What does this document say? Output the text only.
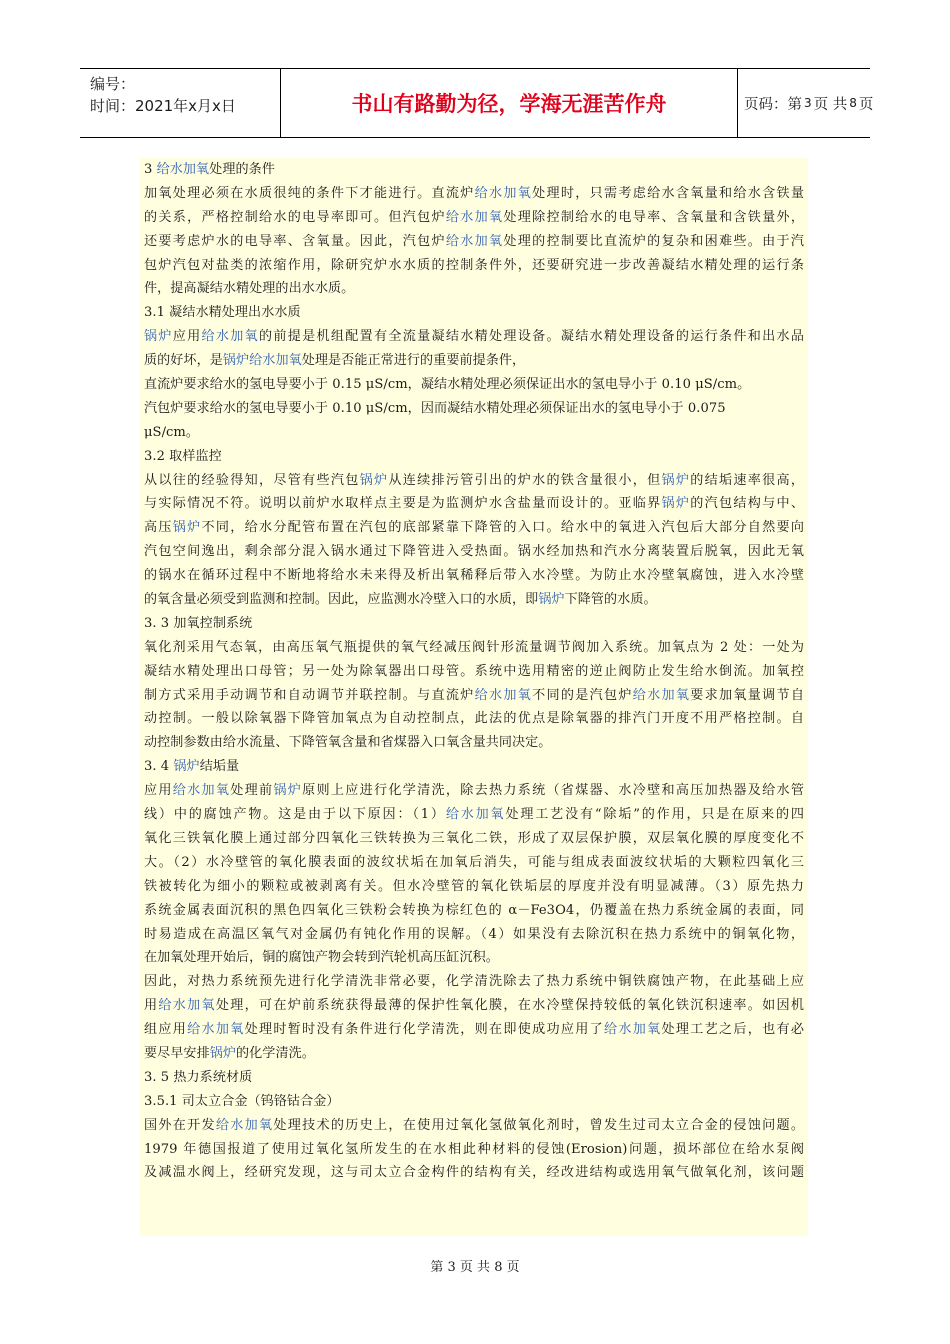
编号：
时间：2021年x月x日	书山有路勤为径，学海无涯苦作舟	页码：第 3 页 共 8 页
3 给水加氧处理的条件
加氧处理必须在水质很纯的条件下才能进行。直流炉给水加氧处理时，只需考虑给水含氧量和给水含铁量
的关系，严格控制给水的电导率即可。但汽包炉给水加氧处理除控制给水的电导率、含氧量和含铁量外，
还要考虑炉水的电导率、含氧量。因此，汽包炉给水加氧处理的控制要比直流炉的复杂和困难些。由于汽
包炉汽包对盐类的浓缩作用，除研究炉水水质的控制条件外，还要研究进一步改善凝结水精处理的运行条
件，提高凝结水精处理的出水水质。
3.1 凝结水精处理出水水质
锅炉应用给水加氧的前提是机组配置有全流量凝结水精处理设备。凝结水精处理设备的运行条件和出水品
质的好坏，是锅炉给水加氧处理是否能正常进行的重要前提条件，
直流炉要求给水的氢电导要小于 0.15 μS/cm，凝结水精处理必须保证出水的氢电导小于 0.10 μS/cm。
汽包炉要求给水的氢电导要小于 0.10 μS/cm，因而凝结水精处理必须保证出水的氢电导小于 0.075
μS/cm。
3.2 取样监控
从以往的经验得知，尽管有些汽包锅炉从连续排污管引出的炉水的铁含量很小，但锅炉的结垢速率很高，
与实际情况不符。说明以前炉水取样点主要是为监测炉水含盐量而设计的。亚临界锅炉的汽包结构与中、
高压锅炉不同，给水分配管布置在汽包的底部紧靠下降管的入口。给水中的氧进入汽包后大部分自然要向
汽包空间逸出，剩余部分混入锅水通过下降管进入受热面。锅水经加热和汽水分离装置后脱氧，因此无氧
的锅水在循环过程中不断地将给水未来得及析出氧稀释后带入水冷壁。为防止水冷壁氧腐蚀，进入水冷壁
的氧含量必须受到监测和控制。因此，应监测水冷壁入口的水质，即锅炉下降管的水质。
3. 3 加氧控制系统
氧化剂采用气态氧，由高压氧气瓶提供的氧气经减压阀针形流量调节阀加入系统。加氧点为 2 处：一处为
凝结水精处理出口母管；另一处为除氧器出口母管。系统中选用精密的逆止阀防止发生给水倒流。加氧控
制方式采用手动调节和自动调节并联控制。与直流炉给水加氧不同的是汽包炉给水加氧要求加氧量调节自
动控制。一般以除氧器下降管加氧点为自动控制点，此法的优点是除氧器的排汽门开度不用严格控制。自
动控制参数由给水流量、下降管氧含量和省煤器入口氧含量共同决定。
3. 4 锅炉结垢量
应用给水加氧处理前锅炉原则上应进行化学清洗，除去热力系统（省煤器、水冷壁和高压加热器及给水管
线）中的腐蚀产物。这是由于以下原因：（1）给水加氧处理工艺没有“除垢”的作用，只是在原来的四
氧化三铁氧化膜上通过部分四氧化三铁转换为三氧化二铁，形成了双层保护膜，双层氧化膜的厚度变化不
大。（2）水冷壁管的氧化膜表面的波纹状垢在加氧后消失，可能与组成表面波纹状垢的大颗粒四氧化三
铁被转化为细小的颗粒或被剥离有关。但水冷壁管的氧化铁垢层的厚度并没有明显减薄。（3）原先热力
系统金属表面沉积的黑色四氧化三铁粉会转换为棕红色的 α－Fe3O4，仍覆盖在热力系统金属的表面，同
时易造成在高温区氧气对金属仍有钝化作用的误解。（4）如果没有去除沉积在热力系统中的铜氧化物，
在加氧处理开始后，铜的腐蚀产物会转到汽轮机高压缸沉积。
因此，对热力系统预先进行化学清洗非常必要，化学清洗除去了热力系统中铜铁腐蚀产物，在此基础上应
用给水加氧处理，可在炉前系统获得最薄的保护性氧化膜，在水冷壁保持较低的氧化铁沉积速率。如因机
组应用给水加氧处理时暂时没有条件进行化学清洗，则在即使成功应用了给水加氧处理工艺之后，也有必
要尽早安排锅炉的化学清洗。
3. 5 热力系统材质
3.5.1 司太立合金（钨铬钴合金）
国外在开发给水加氧处理技术的历史上，在使用过氧化氢做氧化剂时，曾发生过司太立合金的侵蚀问题。
1979 年德国报道了使用过氧化氢所发生的在水相此种材料的侵蚀(Erosion)问题，损坏部位在给水泵阀
及减温水阀上，经研究发现，这与司太立合金构件的结构有关，经改进结构或选用氧气做氧化剂，该问题
第 3 页 共 8 页
